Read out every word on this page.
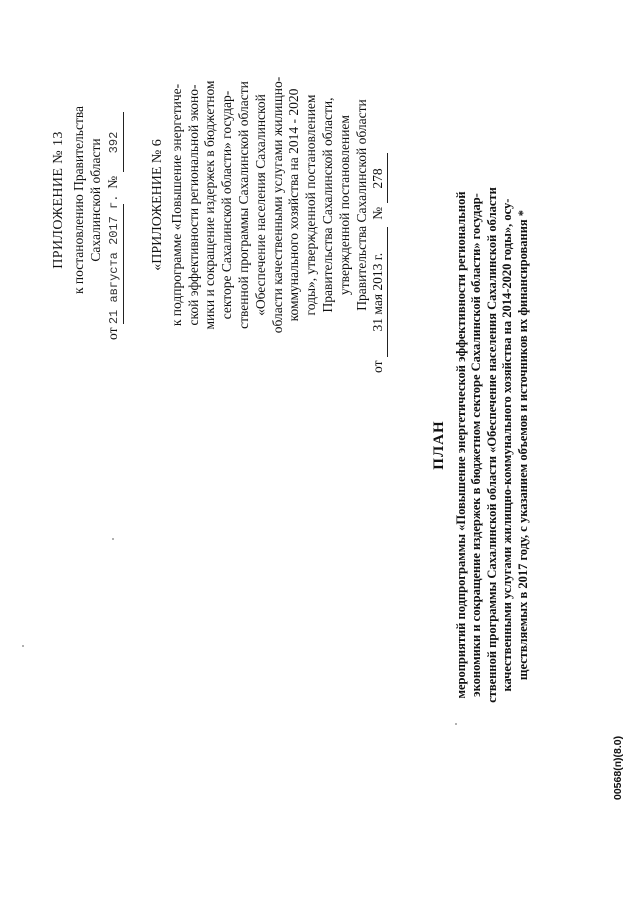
ПРИЛОЖЕНИЕ № 13 к постановлению Правительства Сахалинской области
от 21 августа 2017 г. № 392 «ПРИЛОЖЕНИЕ № 6 к подпрограмме «Повышение энергетиче- ской эффективности региональной эконо- мики и сокращение издержек в бюджетном секторе Сахалинской области» государ- ственной программы Сахалинской области «Обеспечение населения Сахалинской области качественными услугами жилищно- коммунального хозяйства на 2014 - 2020 годы», утвержденной постановлением Правительства Сахалинской области, утвержденной постановлением Правительства Сахалинской области
от 31 мая 2013 г. № 278
ПЛАН мероприятий подпрограммы «Повышение энергетической эффективности региональной экономики и сокращение издержек в бюджетном секторе Сахалинской области» государ- ственной программы Сахалинской области «Обеспечение населения Сахалинской области качественными услугами жилищно-коммунального хозяйства на 2014-2020 годы», осу- ществляемых в 2017 году, с указанием объемов и источников их финансирования *
00568(п)(8.0)
